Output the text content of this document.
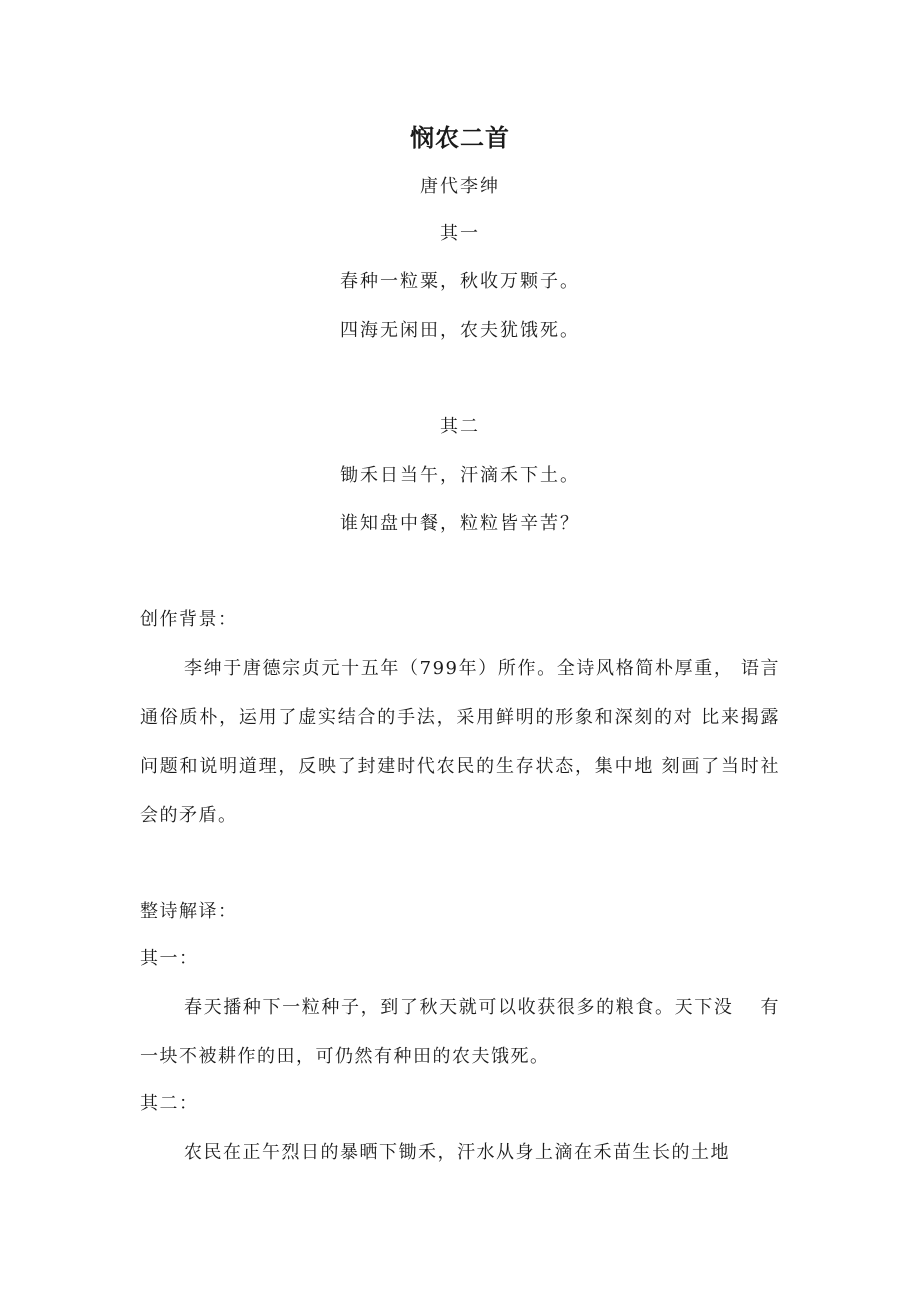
悯农二首
唐代李绅
其一
春种一粒粟，秋收万颗子。
四海无闲田，农夫犹饿死。
其二
锄禾日当午，汗滴禾下土。
谁知盘中餐，粒粒皆辛苦？
创作背景：
李绅于唐德宗贞元十五年（799年）所作。全诗风格简朴厚重， 语言通俗质朴，运用了虚实结合的手法，采用鲜明的形象和深刻的对 比来揭露问题和说明道理，反映了封建时代农民的生存状态，集中地 刻画了当时社会的矛盾。
整诗解译：
其一：
春天播种下一粒种子，到了秋天就可以收获很多的粮食。天下没　 有一块不被耕作的田，可仍然有种田的农夫饿死。
其二：
农民在正午烈日的暴晒下锄禾，汗水从身上滴在禾苗生长的土地
